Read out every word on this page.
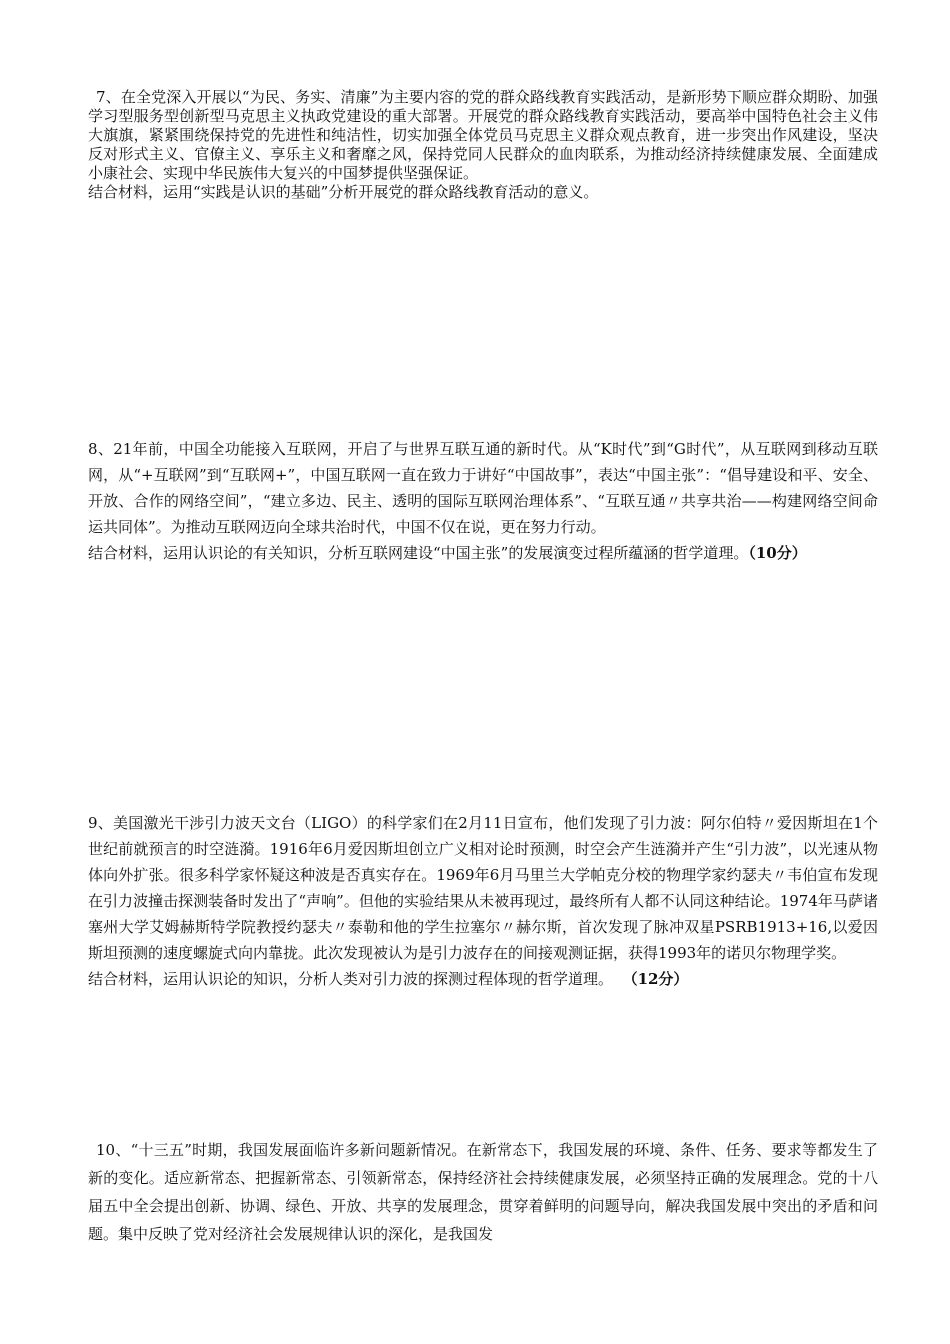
7、在全党深入开展以“为民、务实、清廉”为主要内容的党的群众路线教育实践活动，是新形势下顺应群众期盼、加强学习型服务型创新型马克思主义执政党建设的重大部署。开展党的群众路线教育实践活动，要高举中国特色社会主义伟大旗旗，紧紧围绕保持党的先进性和纯洁性，切实加强全体党员马克思主义群众观点教育，进一步突出作风建设，坚决反对形式主义、官僚主义、享乐主义和奢靡之风，保持党同人民群众的血肉联系，为推动经济持续健康发展、全面建成小康社会、实现中华民族伟大复兴的中国梦提供坚强保证。

结合材料，运用“实践是认识的基础”分析开展党的群众路线教育活动的意义。

8、21年前，中国全功能接入互联网，开启了与世界互联互通的新时代。从“K时代”到“G时代”，从互联网到移动互联网，从“+互联网”到“互联网+”，中国互联网一直在致力于讲好“中国故事”，表达“中国主张”：“倡导建设和平、安全、开放、合作的网络空间”，“建立多边、民主、透明的国际互联网治理体系”、“互联互通〃共享共治——构建网络空间命运共同体”。为推动互联网迈向全球共治时代，中国不仅在说，更在努力行动。

结合材料，运用认识论的有关知识，分析互联网建设“中国主张”的发展演变过程所蕴涵的哲学道理。（10分）

9、美国激光干涉引力波天文台（LIGO）的科学家们在2月11日宣布，他们发现了引力波：阿尔伯特〃爱因斯坦在1个世纪前就预言的时空涟漪。1916年6月爱因斯坦创立广义相对论时预测，时空会产生涟漪并产生“引力波”，以光速从物体向外扩张。很多科学家怀疑这种波是否真实存在。1969年6月马里兰大学帕克分校的物理学家约瑟夫〃韦伯宣布发现在引力波撞击探测装备时发出了“声响”。但他的实验结果从未被再现过，最终所有人都不认同这种结论。1974年马萨诸塞州大学艾姆赫斯特学院教授约瑟夫〃泰勒和他的学生拉塞尔〃赫尔斯，首次发现了脉冲双星PSRB1913+16,以爱因斯坦预测的速度螺旋式向内靠拢。此次发现被认为是引力波存在的间接观测证据，获得1993年的诺贝尔物理学奖。

结合材料，运用认识论的知识，分析人类对引力波的探测过程体现的哲学道理。 （12分）

10、“十三五”时期，我国发展面临许多新问题新情况。在新常态下，我国发展的环境、条件、任务、要求等都发生了新的变化。适应新常态、把握新常态、引领新常态，保持经济社会持续健康发展，必须坚持正确的发展理念。党的十八届五中全会提出创新、协调、绿色、开放、共享的发展理念，贯穿着鲜明的问题导向，解决我国发展中突出的矛盾和问题。集中反映了党对经济社会发展规律认识的深化，是我国发
